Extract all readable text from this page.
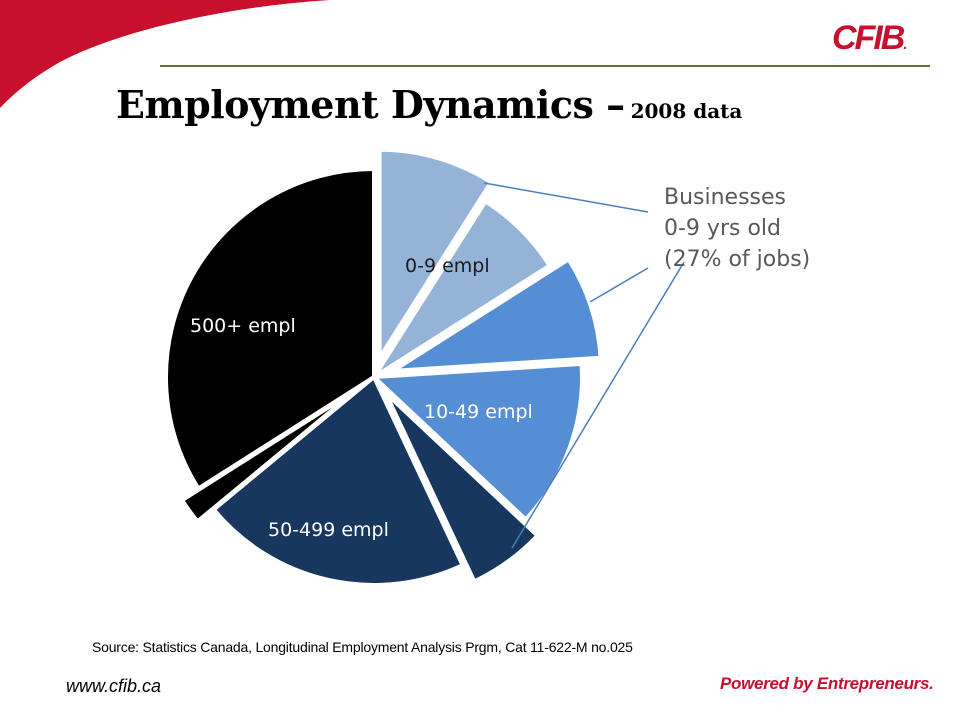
CFIB.
Employment Dynamics – 2008 data
0-9 empl
10-49 empl
50-499 empl
500+ empl
Businesses
0-9 yrs old
(27% of jobs)
Source: Statistics Canada, Longitudinal Employment Analysis Prgm, Cat 11-622-M no.025
www.cfib.ca	Powered by Entrepreneurs.
